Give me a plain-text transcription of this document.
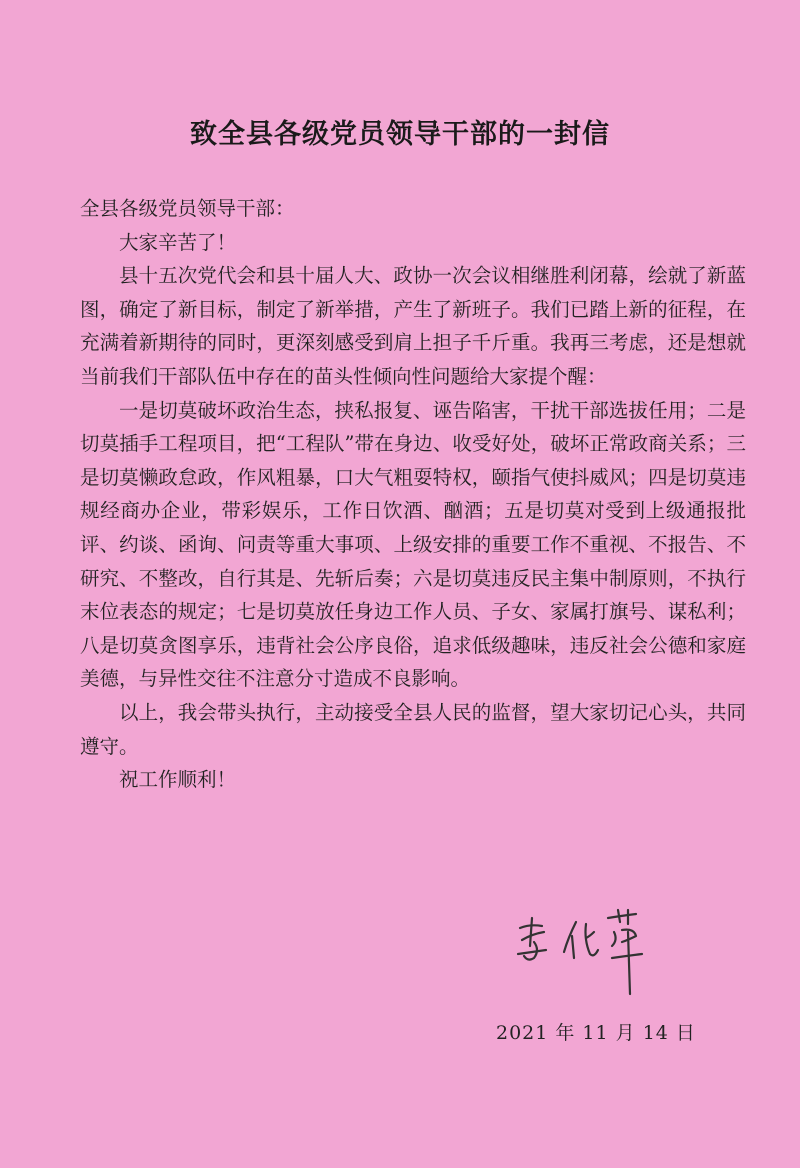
致全县各级党员领导干部的一封信

全县各级党员领导干部：

大家辛苦了！

县十五次党代会和县十届人大、政协一次会议相继胜利闭幕，绘就了新蓝图，确定了新目标，制定了新举措，产生了新班子。我们已踏上新的征程，在充满着新期待的同时，更深刻感受到肩上担子千斤重。我再三考虑，还是想就当前我们干部队伍中存在的苗头性倾向性问题给大家提个醒：

一是切莫破坏政治生态，挟私报复、诬告陷害，干扰干部选拔任用；二是切莫插手工程项目，把“工程队”带在身边、收受好处，破坏正常政商关系；三是切莫懒政怠政，作风粗暴，口大气粗耍特权，颐指气使抖威风；四是切莫违规经商办企业，带彩娱乐，工作日饮酒、酗酒；五是切莫对受到上级通报批评、约谈、函询、问责等重大事项、上级安排的重要工作不重视、不报告、不研究、不整改，自行其是、先斩后奏；六是切莫违反民主集中制原则，不执行末位表态的规定；七是切莫放任身边工作人员、子女、家属打旗号、谋私利；八是切莫贪图享乐，违背社会公序良俗，追求低级趣味，违反社会公德和家庭美德，与异性交往不注意分寸造成不良影响。

以上，我会带头执行，主动接受全县人民的监督，望大家切记心头，共同遵守。

祝工作顺利！

2021 年 11 月 14 日
